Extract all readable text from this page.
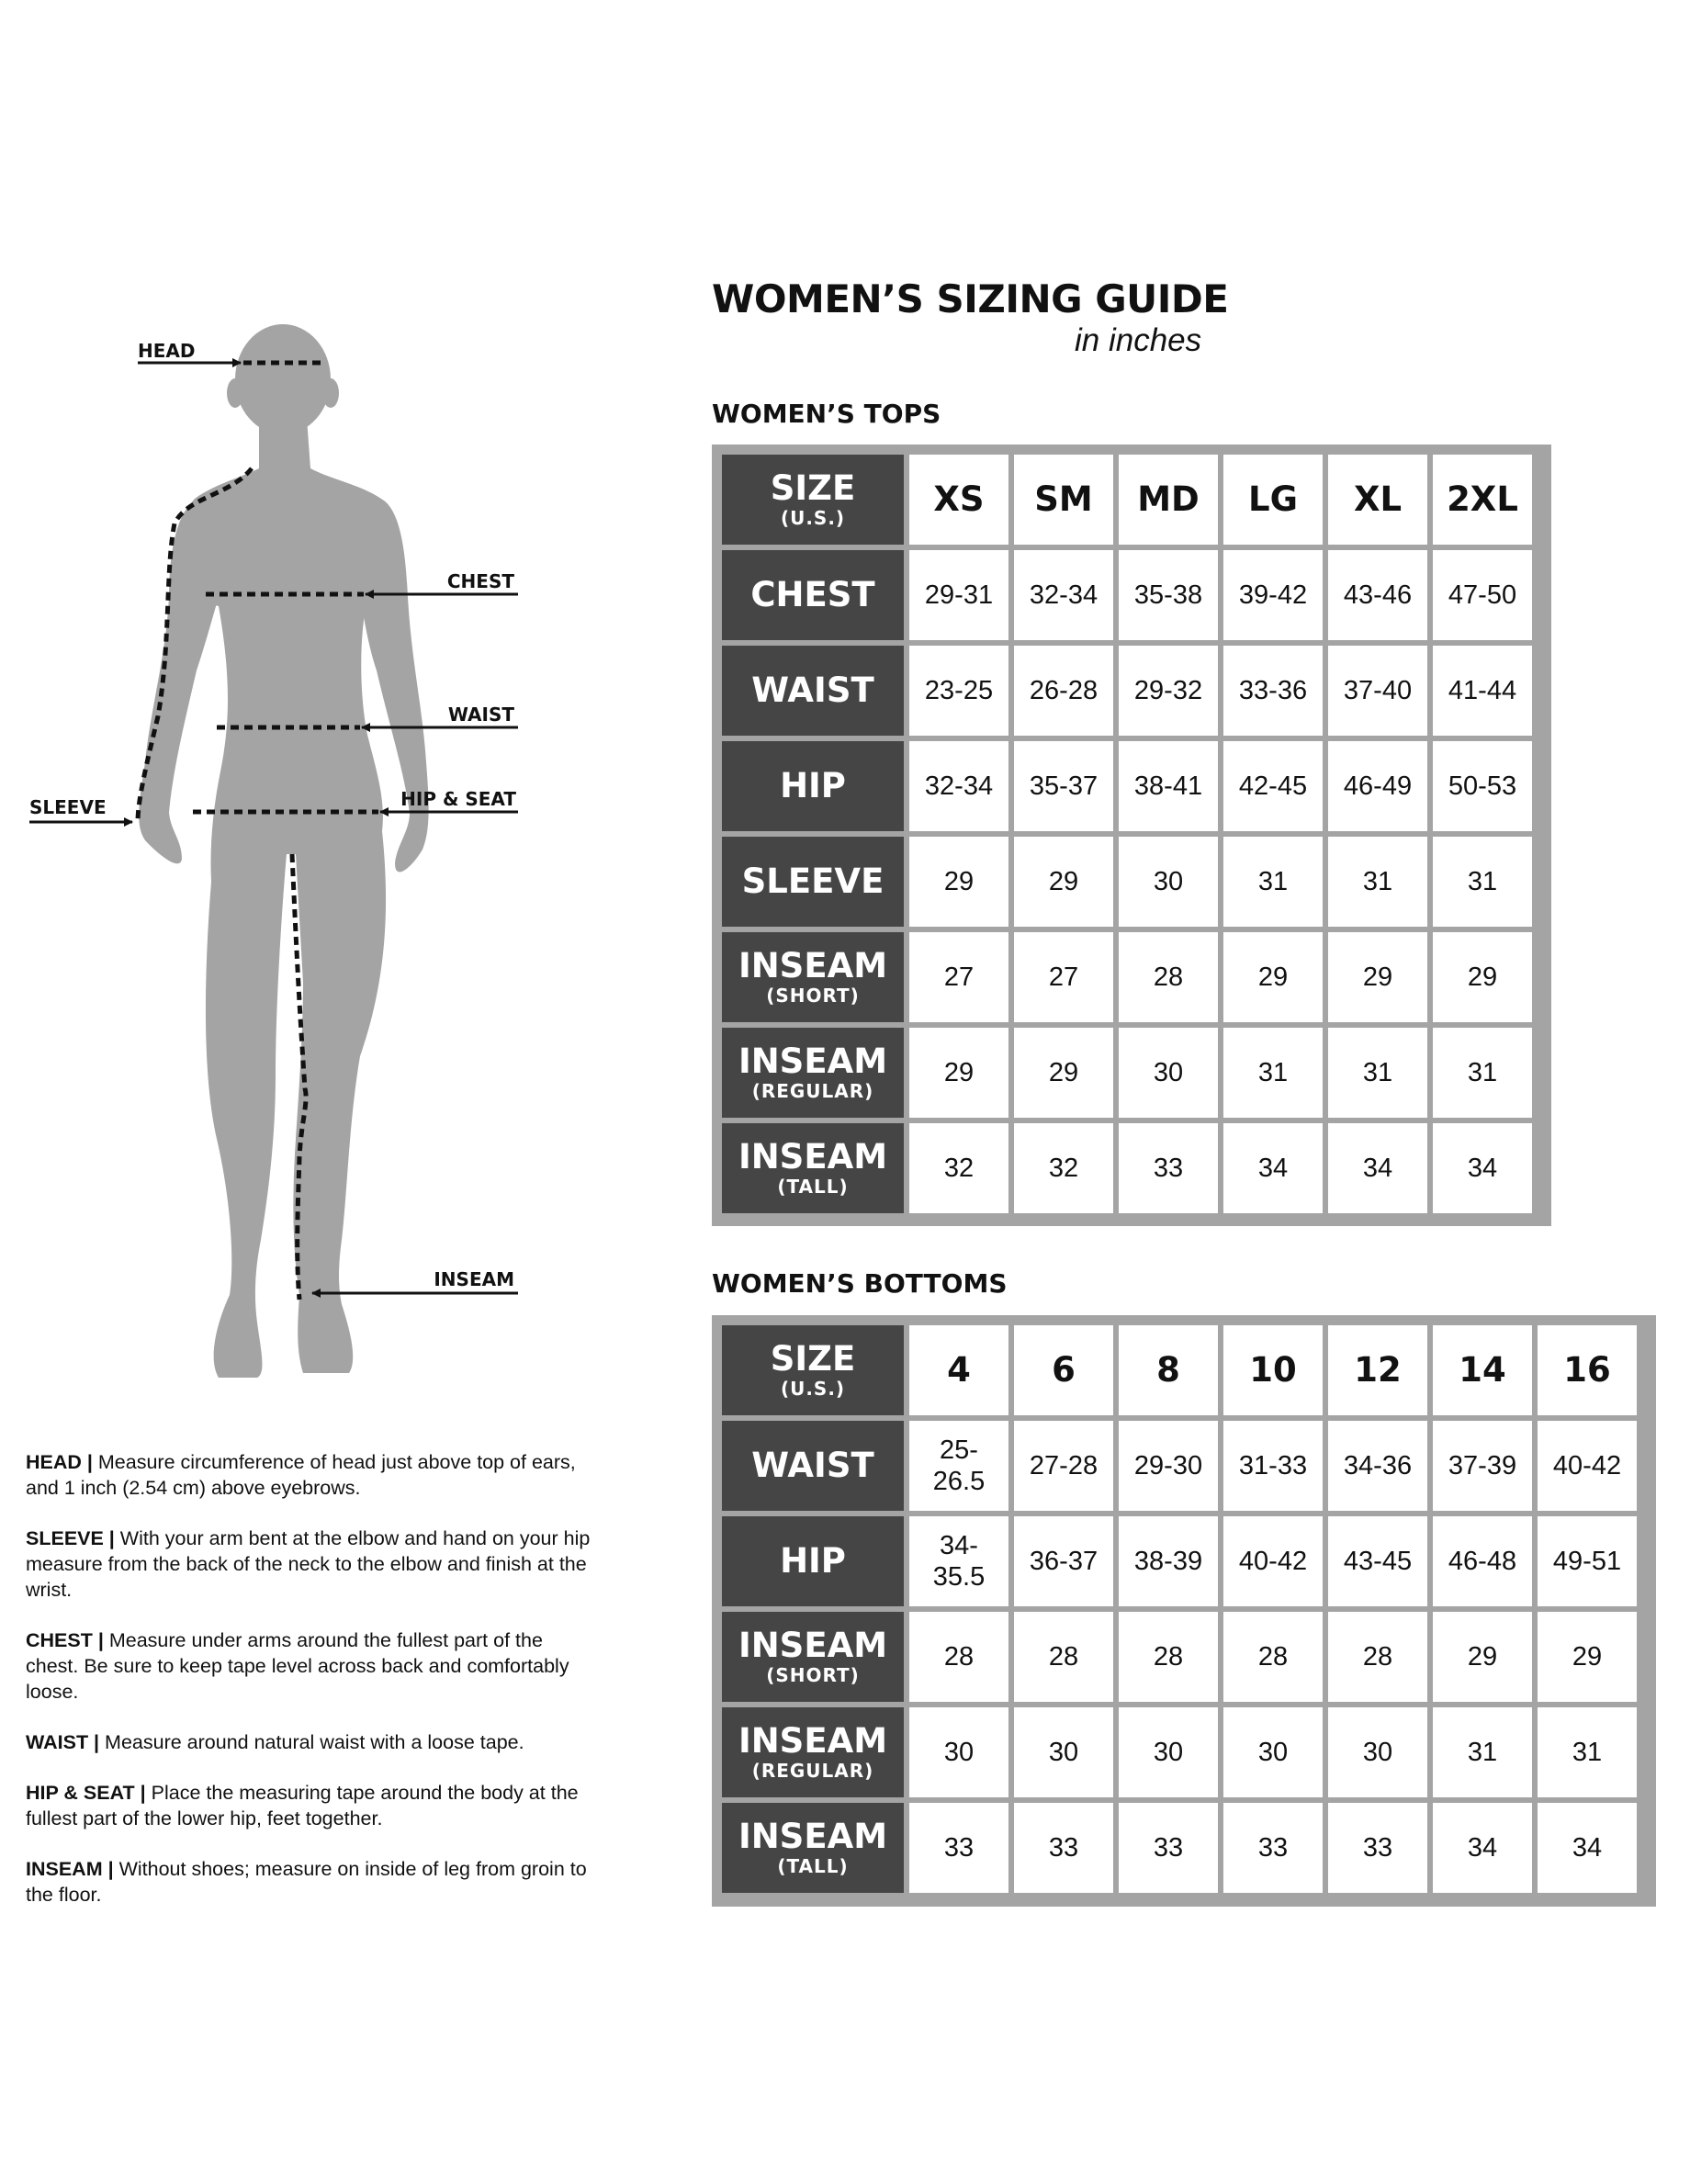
HEAD
CHEST
WAIST
HIP & SEAT
SLEEVE
INSEAM

HEAD | Measure circumference of head just above top of ears, and 1 inch (2.54 cm) above eyebrows.

SLEEVE | With your arm bent at the elbow and hand on your hip measure from the back of the neck to the elbow and finish at the wrist.

CHEST | Measure under arms around the fullest part of the chest. Be sure to keep tape level across back and comfortably loose.

WAIST | Measure around natural waist with a loose tape.

HIP & SEAT | Place the measuring tape around the body at the fullest part of the lower hip, feet together.

INSEAM | Without shoes; measure on inside of leg from groin to the floor.

WOMEN’S SIZING GUIDE
in inches
WOMEN’S TOPS
SIZE
(U.S.)	XS	SM	MD	LG	XL	2XL
CHEST	29-31	32-34	35-38	39-42	43-46	47-50
WAIST	23-25	26-28	29-32	33-36	37-40	41-44
HIP	32-34	35-37	38-41	42-45	46-49	50-53
SLEEVE	29	29	30	31	31	31
INSEAM
(SHORT)
27	27	28	29	29	29
INSEAM
(REGULAR)
29	29	30	31	31	31
INSEAM
(TALL)
32	32	33	34	34	34
WOMEN’S BOTTOMS
SIZE
(U.S.)	4	6	8	10	12	14	16
WAIST	25-
26.5
27-28	29-30	31-33	34-36	37-39	40-42
HIP	34-
35.5
36-37	38-39	40-42	43-45	46-48	49-51
INSEAM
(SHORT)
28	28	28	28	28	29	29
INSEAM
(REGULAR)
30	30	30	30	30	31	31
INSEAM
(TALL)
33	33	33	33	33	34	34
